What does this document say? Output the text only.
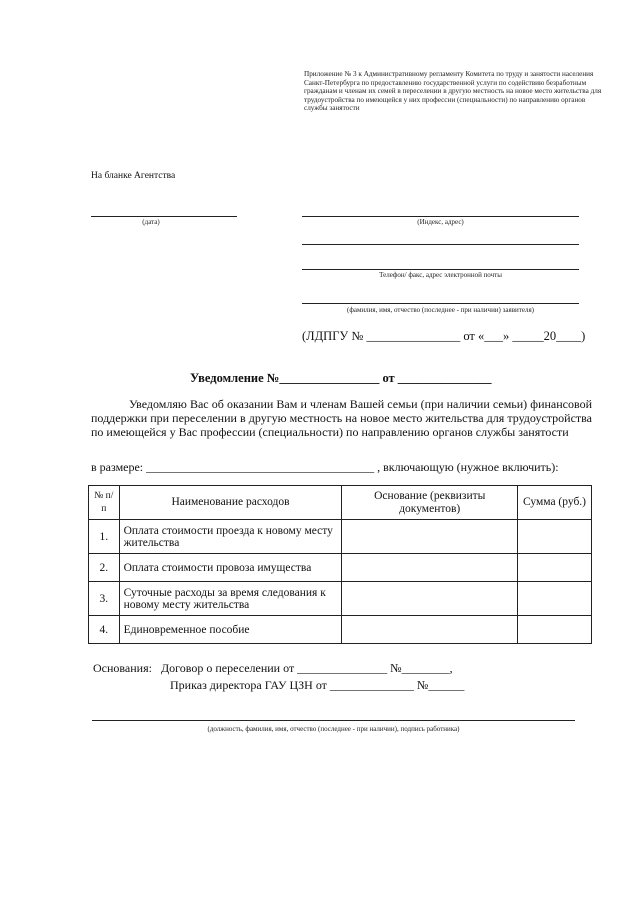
Приложение № 3 к Административному регламенту Комитета по труду и занятости населения Санкт-Петербурга по предоставлению государственной услуги по содействию безработным гражданам и членам их семей в переселении в другую местность на новое место жительства для трудоустройства по имеющейся у них профессии (специальности) по направлению органов службы занятости
На бланке Агентства
(дата)	(Индекс, адрес)
Телефон/ факс, адрес электронной почты
(фамилия, имя, отчество (последнее - при наличии) заявителя)
(ЛДПГУ № _______________ от «___» _____20____)
Уведомление №________________ от _______________
Уведомляю Вас об оказании Вам и членам Вашей семьи (при наличии семьи) финансовой поддержки при переселении в другую местность на новое место жительства для трудоустройства по имеющейся у Вас профессии (специальности) по направлению органов службы занятости
в размере: ______________________________________ , включающую (нужное включить):
№ п/п	Наименование расходов	Основание (реквизиты документов)	Сумма (руб.)
1.	Оплата стоимости проезда к новому месту жительства		
2.	Оплата стоимости провоза имущества		
3.	Суточные расходы за время следования к новому месту жительства		
4.	Единовременное пособие		
Основания: Договор о переселении от _______________ №________,
Приказ директора ГАУ ЦЗН от ______________ №______
(должность, фамилия, имя, отчество (последнее - при наличии), подпись работника)
